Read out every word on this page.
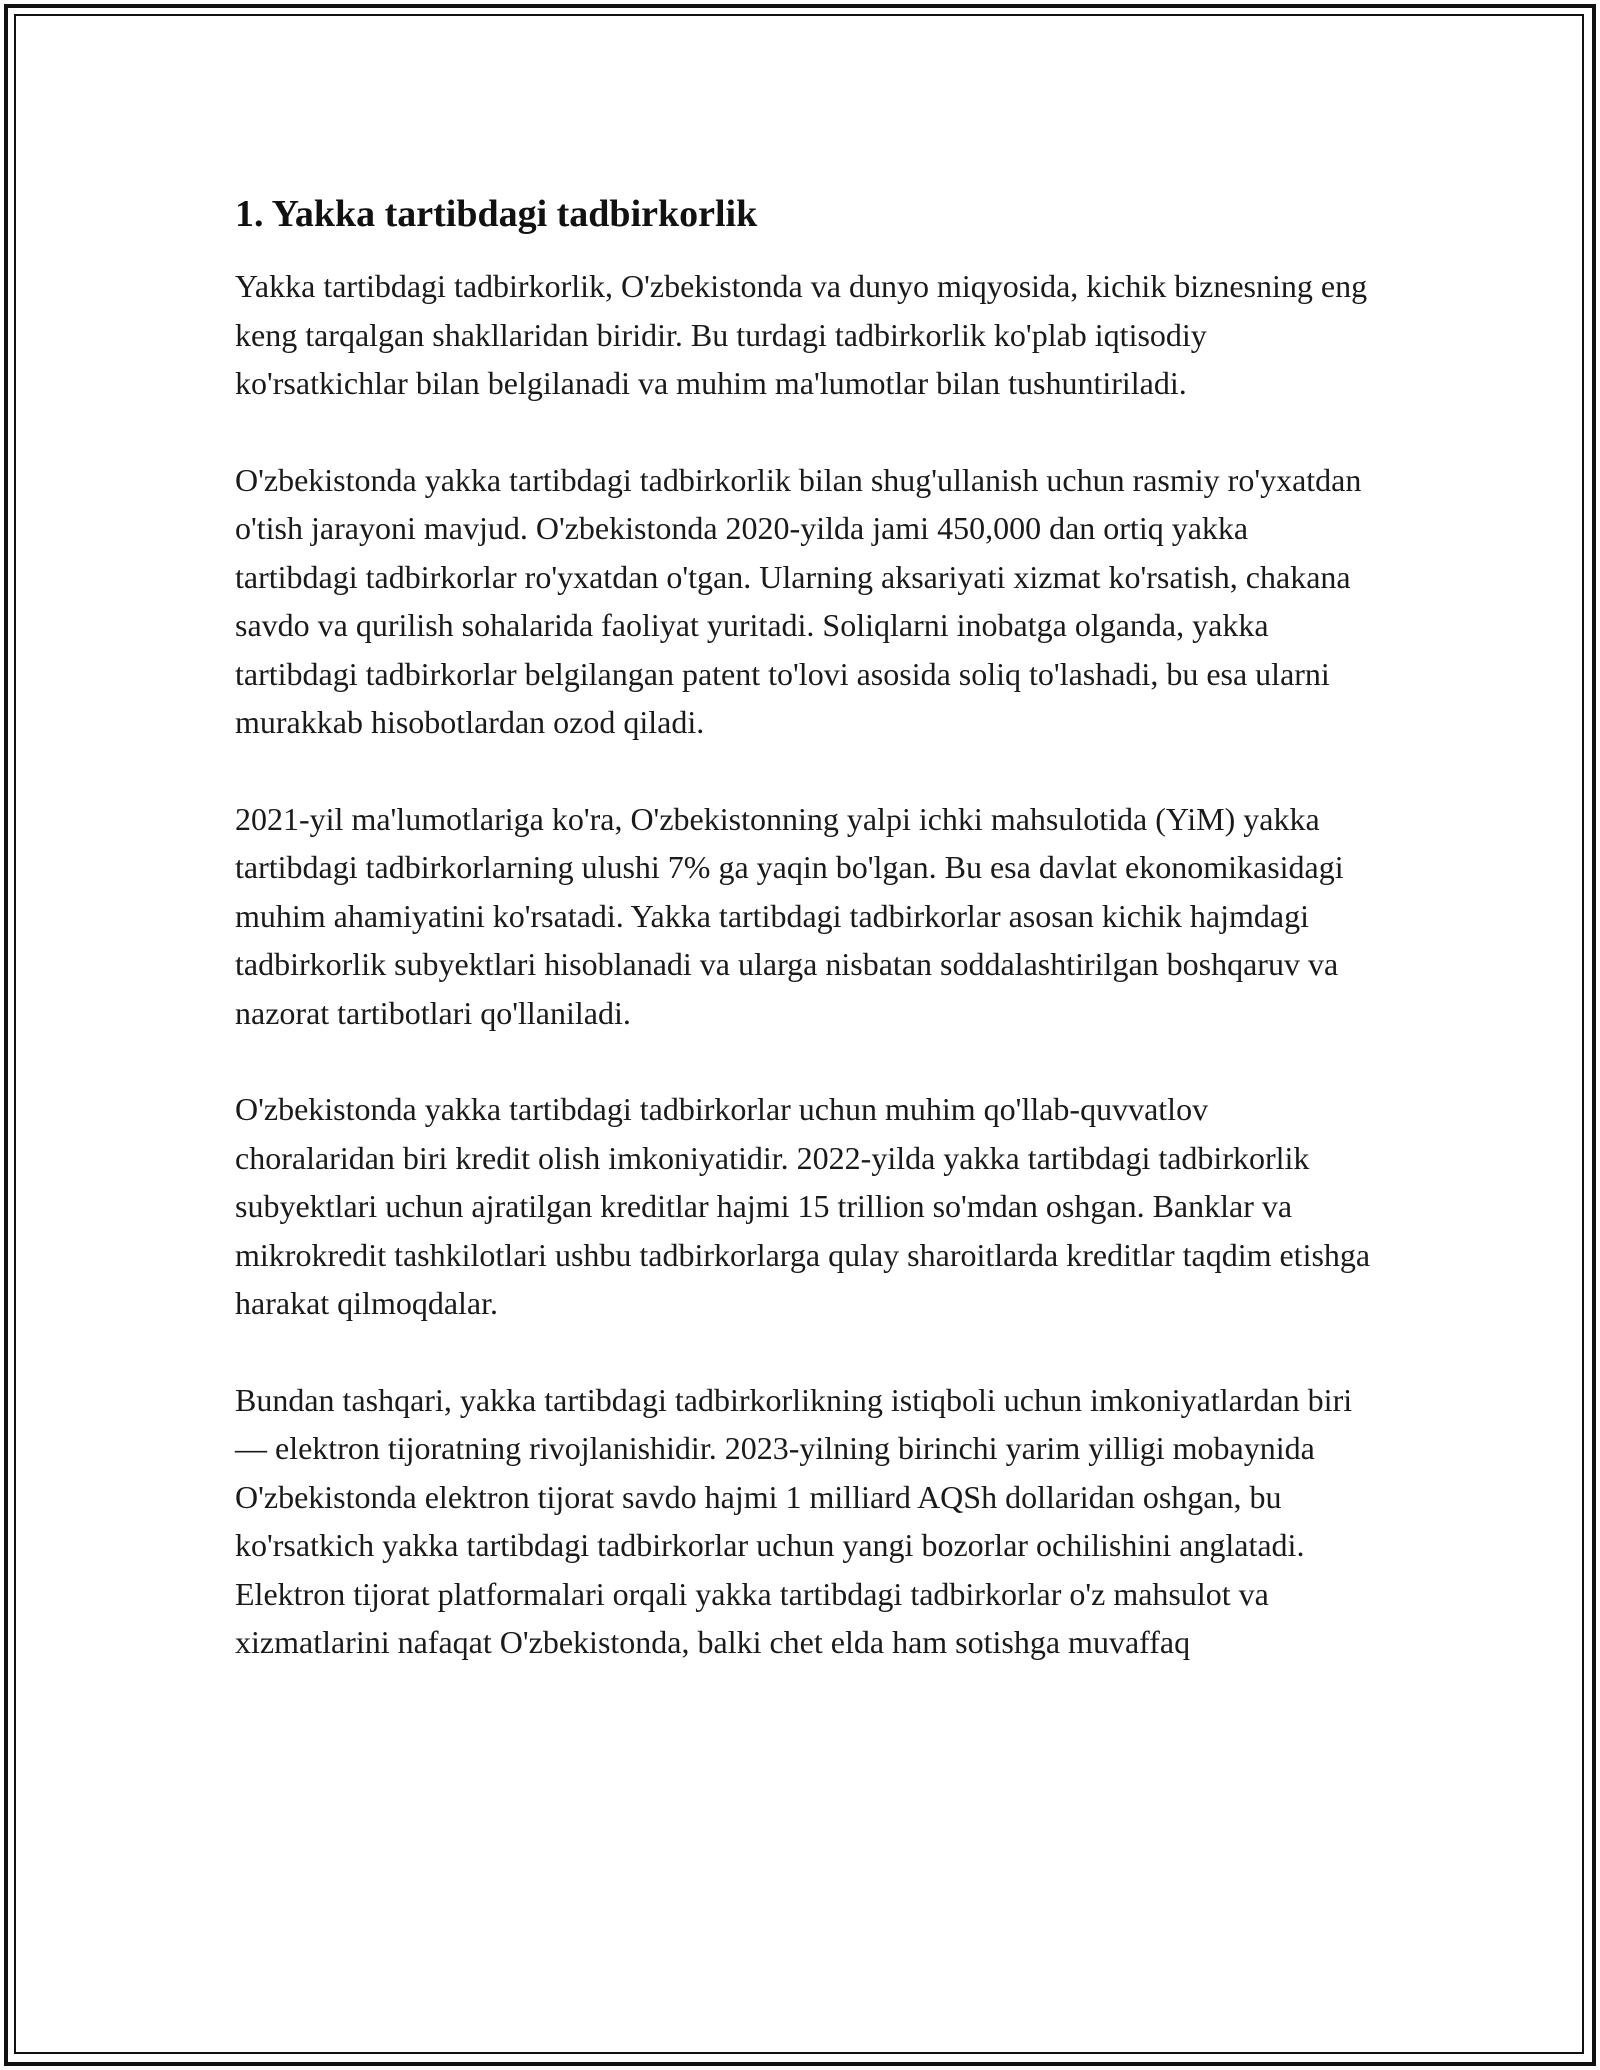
1. Yakka tartibdagi tadbirkorlik

Yakka tartibdagi tadbirkorlik, O'zbekistonda va dunyo miqyosida, kichik biznesning eng keng tarqalgan shakllaridan biridir. Bu turdagi tadbirkorlik ko'plab iqtisodiy ko'rsatkichlar bilan belgilanadi va muhim ma'lumotlar bilan tushuntiriladi.

O'zbekistonda yakka tartibdagi tadbirkorlik bilan shug'ullanish uchun rasmiy ro'yxatdan o'tish jarayoni mavjud. O'zbekistonda 2020-yilda jami 450,000 dan ortiq yakka tartibdagi tadbirkorlar ro'yxatdan o'tgan. Ularning aksariyati xizmat ko'rsatish, chakana savdo va qurilish sohalarida faoliyat yuritadi. Soliqlarni inobatga olganda, yakka tartibdagi tadbirkorlar belgilangan patent to'lovi asosida soliq to'lashadi, bu esa ularni murakkab hisobotlardan ozod qiladi.

2021-yil ma'lumotlariga ko'ra, O'zbekistonning yalpi ichki mahsulotida (YiM) yakka tartibdagi tadbirkorlarning ulushi 7% ga yaqin bo'lgan. Bu esa davlat ekonomikasidagi muhim ahamiyatini ko'rsatadi. Yakka tartibdagi tadbirkorlar asosan kichik hajmdagi tadbirkorlik subyektlari hisoblanadi va ularga nisbatan soddalashtirilgan boshqaruv va nazorat tartibotlari qo'llaniladi.

O'zbekistonda yakka tartibdagi tadbirkorlar uchun muhim qo'llab-quvvatlov choralaridan biri kredit olish imkoniyatidir. 2022-yilda yakka tartibdagi tadbirkorlik subyektlari uchun ajratilgan kreditlar hajmi 15 trillion so'mdan oshgan. Banklar va mikrokredit tashkilotlari ushbu tadbirkorlarga qulay sharoitlarda kreditlar taqdim etishga harakat qilmoqdalar.

Bundan tashqari, yakka tartibdagi tadbirkorlikning istiqboli uchun imkoniyatlardan biri — elektron tijoratning rivojlanishidir. 2023-yilning birinchi yarim yilligi mobaynida O'zbekistonda elektron tijorat savdo hajmi 1 milliard AQSh dollaridan oshgan, bu ko'rsatkich yakka tartibdagi tadbirkorlar uchun yangi bozorlar ochilishini anglatadi. Elektron tijorat platformalari orqali yakka tartibdagi tadbirkorlar o'z mahsulot va xizmatlarini nafaqat O'zbekistonda, balki chet elda ham sotishga muvaffaq
